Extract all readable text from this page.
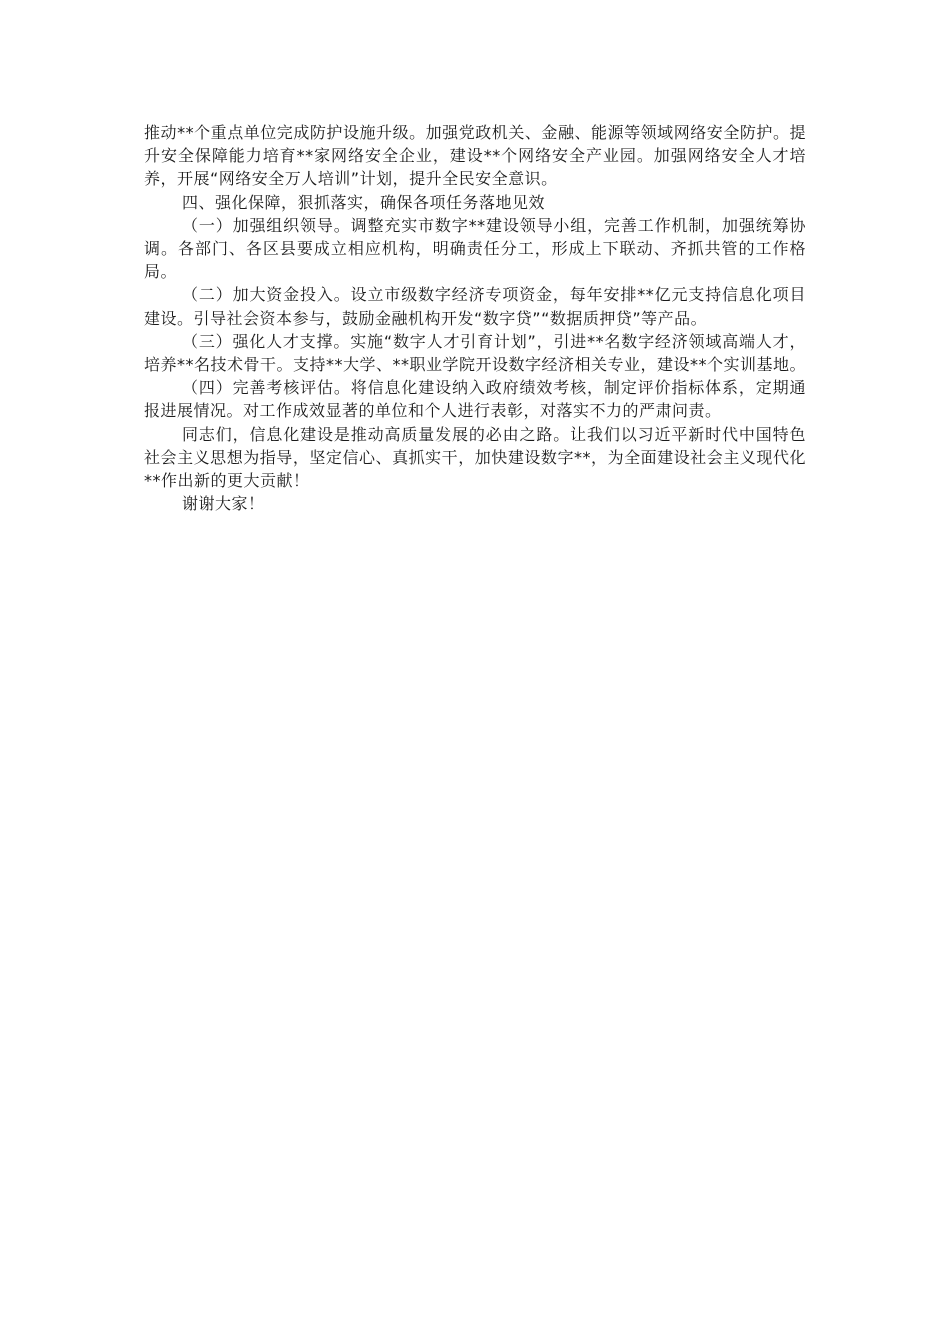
推动**个重点单位完成防护设施升级。加强党政机关、金融、能源等领域网络安全防护。提升安全保障能力培育**家网络安全企业，建设**个网络安全产业园。加强网络安全人才培养，开展“网络安全万人培训”计划，提升全民安全意识。

四、强化保障，狠抓落实，确保各项任务落地见效

（一）加强组织领导。调整充实市数字**建设领导小组，完善工作机制，加强统筹协调。各部门、各区县要成立相应机构，明确责任分工，形成上下联动、齐抓共管的工作格局。

（二）加大资金投入。设立市级数字经济专项资金，每年安排**亿元支持信息化项目建设。引导社会资本参与，鼓励金融机构开发“数字贷”“数据质押贷”等产品。

（三）强化人才支撑。实施“数字人才引育计划”，引进**名数字经济领域高端人才，培养**名技术骨干。支持**大学、**职业学院开设数字经济相关专业，建设**个实训基地。

（四）完善考核评估。将信息化建设纳入政府绩效考核，制定评价指标体系，定期通报进展情况。对工作成效显著的单位和个人进行表彰，对落实不力的严肃问责。

同志们，信息化建设是推动高质量发展的必由之路。让我们以习近平新时代中国特色社会主义思想为指导，坚定信心、真抓实干，加快建设数字**，为全面建设社会主义现代化**作出新的更大贡献！

谢谢大家！
